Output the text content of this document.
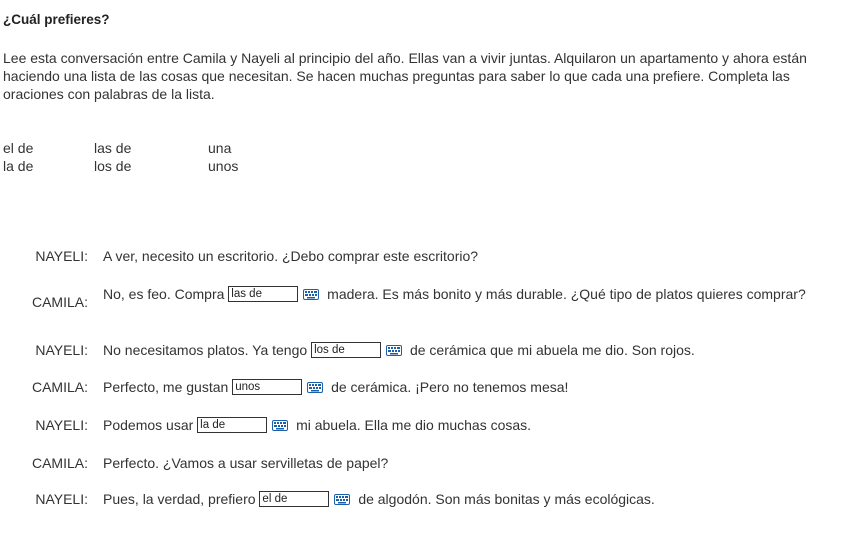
¿Cuál prefieres?
Lee esta conversación entre Camila y Nayeli al principio del año. Ellas van a vivir juntas. Alquilaron un apartamento y ahora están haciendo una lista de las cosas que necesitan. Se hacen muchas preguntas para saber lo que cada una prefiere. Completa las oraciones con palabras de la lista.
el de	las de	una
la de	los de	unos
NAYELI: A ver, necesito un escritorio. ¿Debo comprar este escritorio?
CAMILA: No, es feo. Compra las de	madera. Es más bonito y más durable. ¿Qué tipo de platos quieres comprar?
NAYELI: No necesitamos platos. Ya tengo los de	de cerámica que mi abuela me dio. Son rojos.
CAMILA: Perfecto, me gustan unos	de cerámica. ¡Pero no tenemos mesa!
NAYELI: Podemos usar la de	mi abuela. Ella me dio muchas cosas.
CAMILA: Perfecto. ¿Vamos a usar servilletas de papel?
NAYELI: Pues, la verdad, prefiero el de	de algodón. Son más bonitas y más ecológicas.
